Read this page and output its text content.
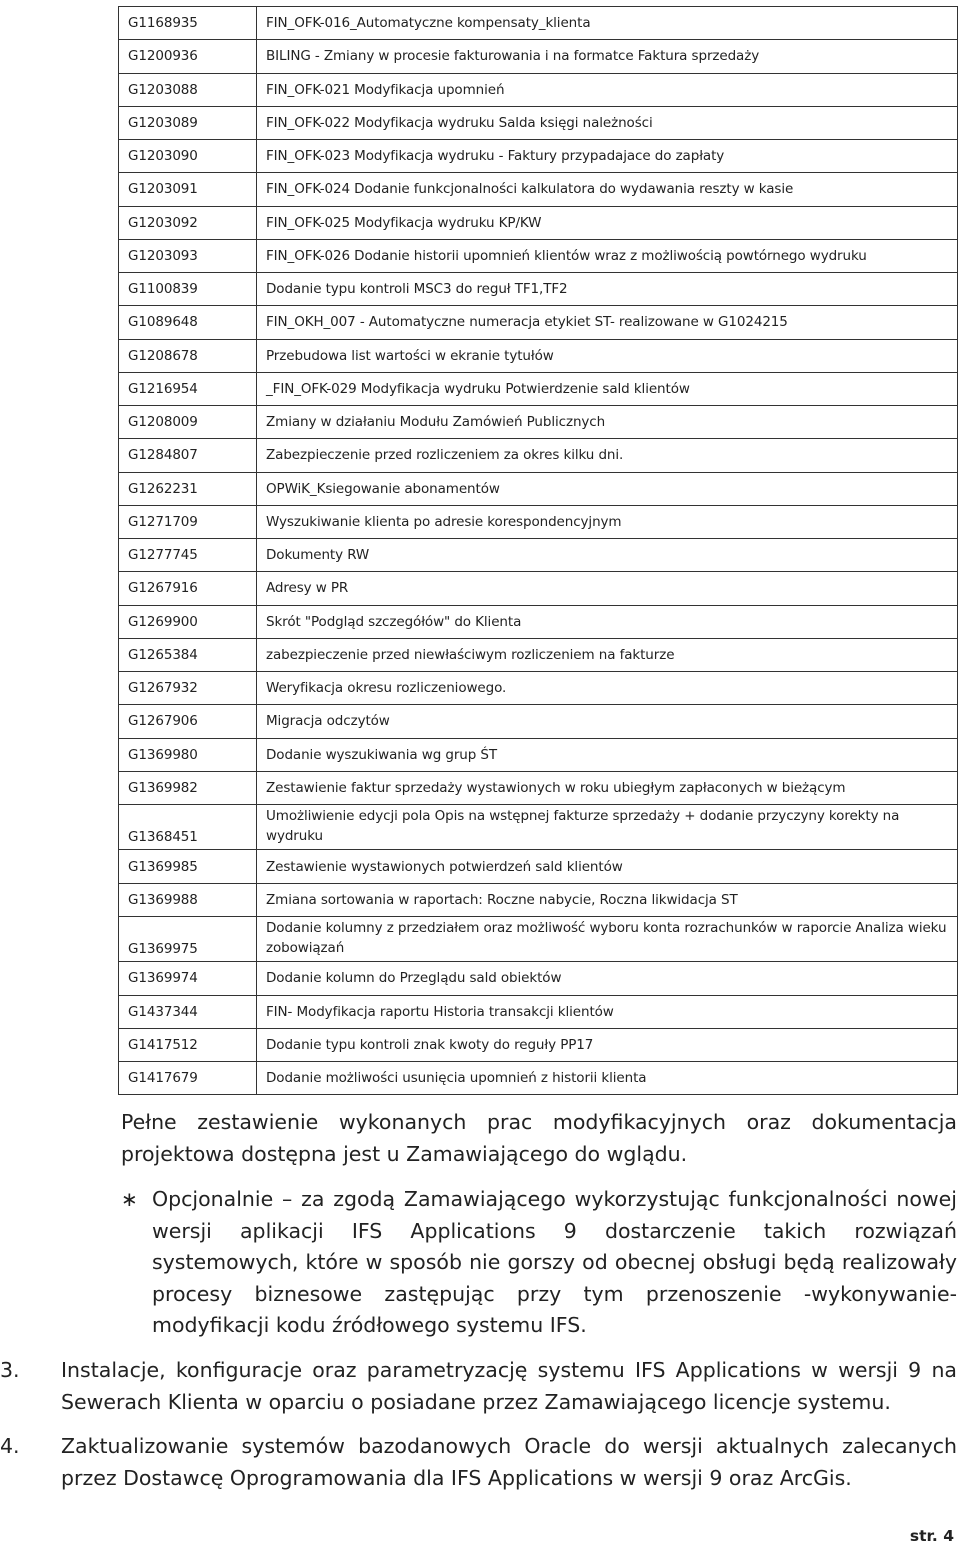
G1168935	FIN_OFK-016_Automatyczne kompensaty_klienta
G1200936	BILING - Zmiany w procesie fakturowania i na formatce Faktura sprzedaży
G1203088	FIN_OFK-021 Modyfikacja upomnień
G1203089	FIN_OFK-022 Modyfikacja wydruku Salda księgi należności
G1203090	FIN_OFK-023 Modyfikacja wydruku - Faktury przypadajace do zapłaty
G1203091	FIN_OFK-024 Dodanie funkcjonalności kalkulatora do wydawania reszty w kasie
G1203092	FIN_OFK-025 Modyfikacja wydruku KP/KW
G1203093	FIN_OFK-026 Dodanie historii upomnień klientów wraz z możliwością powtórnego wydruku
G1100839	Dodanie typu kontroli MSC3 do reguł TF1,TF2
G1089648	FIN_OKH_007 - Automatyczne numeracja etykiet ST- realizowane w G1024215
G1208678	Przebudowa list wartości w ekranie tytułów
G1216954	_FIN_OFK-029 Modyfikacja wydruku Potwierdzenie sald klientów
G1208009	Zmiany w działaniu Modułu Zamówień Publicznych
G1284807	Zabezpieczenie przed rozliczeniem za okres kilku dni.
G1262231	OPWiK_Ksiegowanie abonamentów
G1271709	Wyszukiwanie klienta po adresie korespondencyjnym
G1277745	Dokumenty RW
G1267916	Adresy w PR
G1269900	Skrót "Podgląd szczegółów" do Klienta
G1265384	zabezpieczenie przed niewłaściwym rozliczeniem na fakturze
G1267932	Weryfikacja okresu rozliczeniowego.
G1267906	Migracja odczytów
G1369980	Dodanie wyszukiwania wg grup ŚT
G1369982	Zestawienie faktur sprzedaży wystawionych w roku ubiegłym zapłaconych w bieżącym
G1368451	Umożliwienie edycji pola Opis na wstępnej fakturze sprzedaży + dodanie przyczyny korekty na wydruku
G1369985	Zestawienie wystawionych potwierdzeń sald klientów
G1369988	Zmiana sortowania w raportach: Roczne nabycie, Roczna likwidacja ST
G1369975	Dodanie kolumny z przedziałem oraz możliwość wyboru konta rozrachunków w raporcie Analiza wieku zobowiązań
G1369974	Dodanie kolumn do Przeglądu sald obiektów
G1437344	FIN- Modyfikacja raportu Historia transakcji klientów
G1417512	Dodanie typu kontroli znak kwoty do reguły PP17
G1417679	Dodanie możliwości usunięcia upomnień z historii klienta
Pełne zestawienie wykonanych prac modyfikacyjnych oraz dokumentacja projektowa dostępna jest u Zamawiającego do wglądu.
∗ Opcjonalnie – za zgodą Zamawiającego wykorzystując funkcjonalności nowej wersji aplikacji IFS Applications 9 dostarczenie takich rozwiązań systemowych, które w sposób nie gorszy od obecnej obsługi będą realizowały procesy biznesowe zastępując przy tym przenoszenie -wykonywanie- modyfikacji kodu źródłowego systemu IFS.
3. Instalacje, konfiguracje oraz parametryzację systemu IFS Applications w wersji 9 na Sewerach Klienta w oparciu o posiadane przez Zamawiającego licencje systemu.
4. Zaktualizowanie systemów bazodanowych Oracle do wersji aktualnych zalecanych przez Dostawcę Oprogramowania dla IFS Applications w wersji 9 oraz ArcGis.
str. 4
